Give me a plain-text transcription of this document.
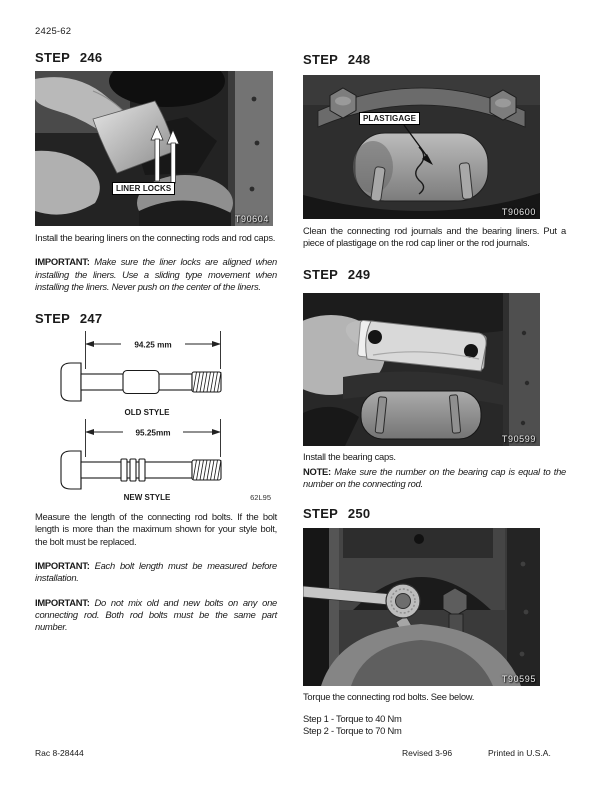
2425-62
STEP 246
LINER LOCKS
T90604

Install the bearing liners on the connecting rods and rod caps.

IMPORTANT: Make sure the liner locks are aligned when installing the liners. Use a sliding type movement when installing the liners. Never push on the center of the liners.

STEP 247
94.25 mm
OLD STYLE
95.25mm
NEW STYLE	62L95

Measure the length of the connecting rod bolts. If the bolt length is more than the maximum shown for your style bolt, the bolt must be replaced.

IMPORTANT: Each bolt length must be measured before installation.

IMPORTANT: Do not mix old and new bolts on any one connecting rod. Both rod bolts must be the same part number.

STEP 248
PLASTIGAGE
T90600

Clean the connecting rod journals and the bearing liners. Put a piece of plastigage on the rod cap liner or the rod journals.

STEP 249
T90599

Install the bearing caps.

NOTE: Make sure the number on the bearing cap is equal to the number on the connecting rod.

STEP 250
T90595

Torque the connecting rod bolts. See below.

Step 1 - Torque to 40 Nm

Step 2 - Torque to 70 Nm

Rac 8-28444	Revised 3-96	Printed in U.S.A.
